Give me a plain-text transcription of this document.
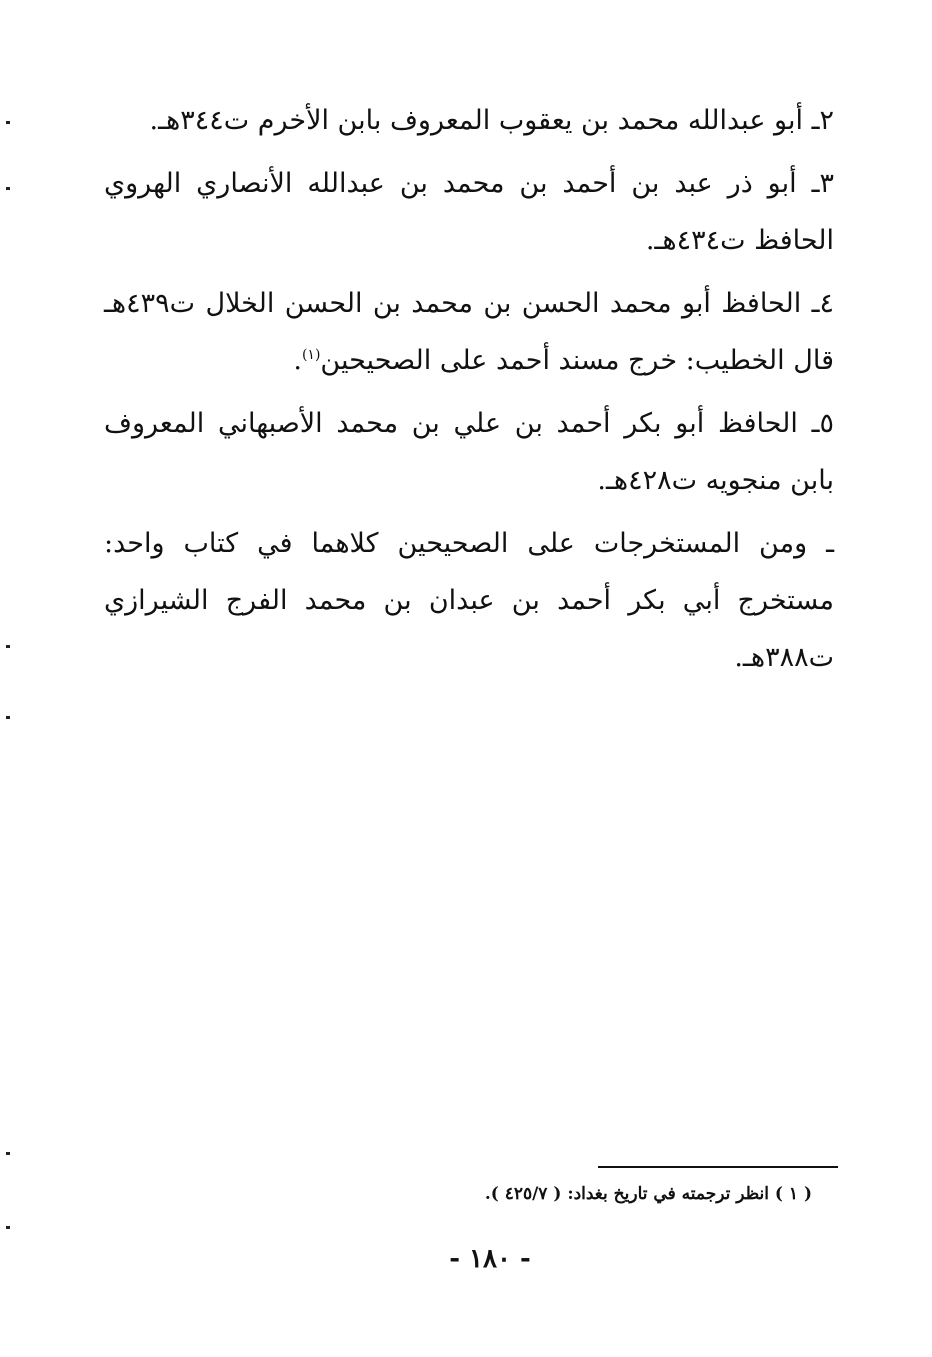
٢ـ أبو عبدالله محمد بن يعقوب المعروف بابن الأخرم ت٣٤٤هـ.

٣ـ أبو ذر عبد بن أحمد بن محمد بن عبدالله الأنصاري الهروي الحافظ ت٤٣٤هـ.

٤ـ الحافظ أبو محمد الحسن بن محمد بن الحسن الخلال ت٤٣٩هـ قال الخطيب: خرج مسند أحمد على الصحيحين$^{(١)}$.

٥ـ الحافظ أبو بكر أحمد بن علي بن محمد الأصبهاني المعروف بابن منجويه ت٤٢٨هـ.

ـ ومن المستخرجات على الصحيحين كلاهما في كتاب واحد: مستخرج أبي بكر أحمد بن عبدان بن محمد الفرج الشيرازي ت٣٨٨هـ.

( ١ ) انظر ترجمته في تاريخ بغداد: ( ٤٢٥/٧ ).
- ١٨٠ -
